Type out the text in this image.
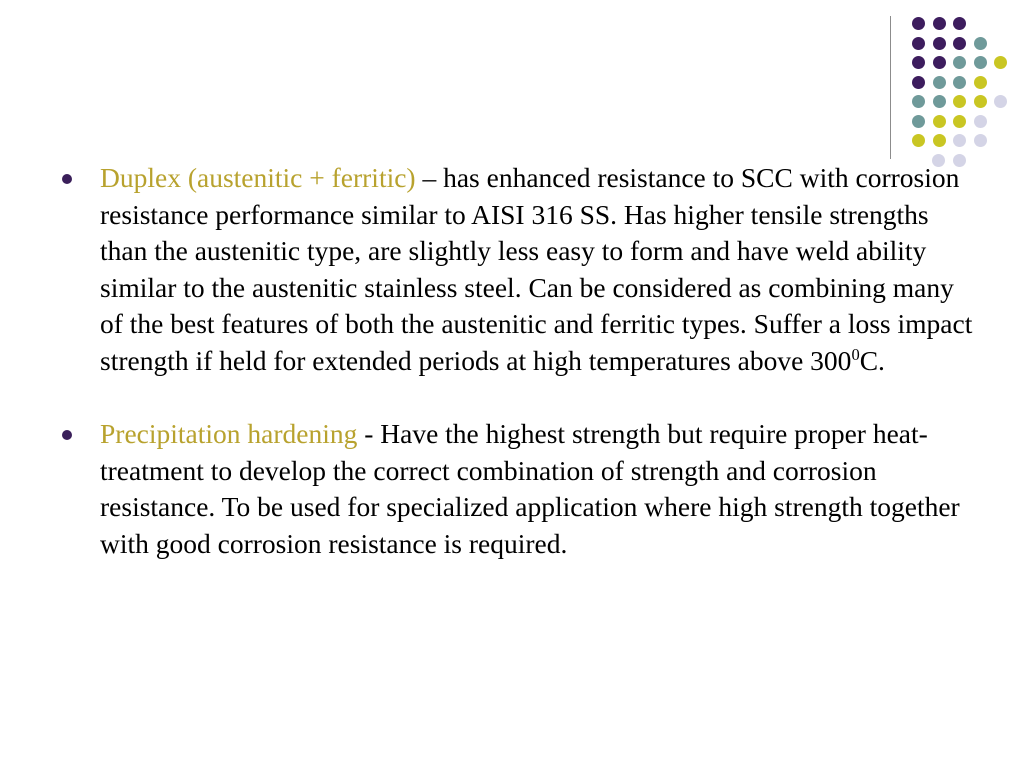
Duplex (austenitic + ferritic) – has enhanced resistance to SCC with corrosion resistance performance similar to AISI 316 SS. Has higher tensile strengths than the austenitic type, are slightly less easy to form and have weld ability similar to the austenitic stainless steel. Can be considered as combining many of the best features of both the austenitic and ferritic types. Suffer a loss impact strength if held for extended periods at high temperatures above $300^0C$.
Precipitation hardening - Have the highest strength but require proper heat-treatment to develop the correct combination of strength and corrosion resistance. To be used for specialized application where high strength together with good corrosion resistance is required.
